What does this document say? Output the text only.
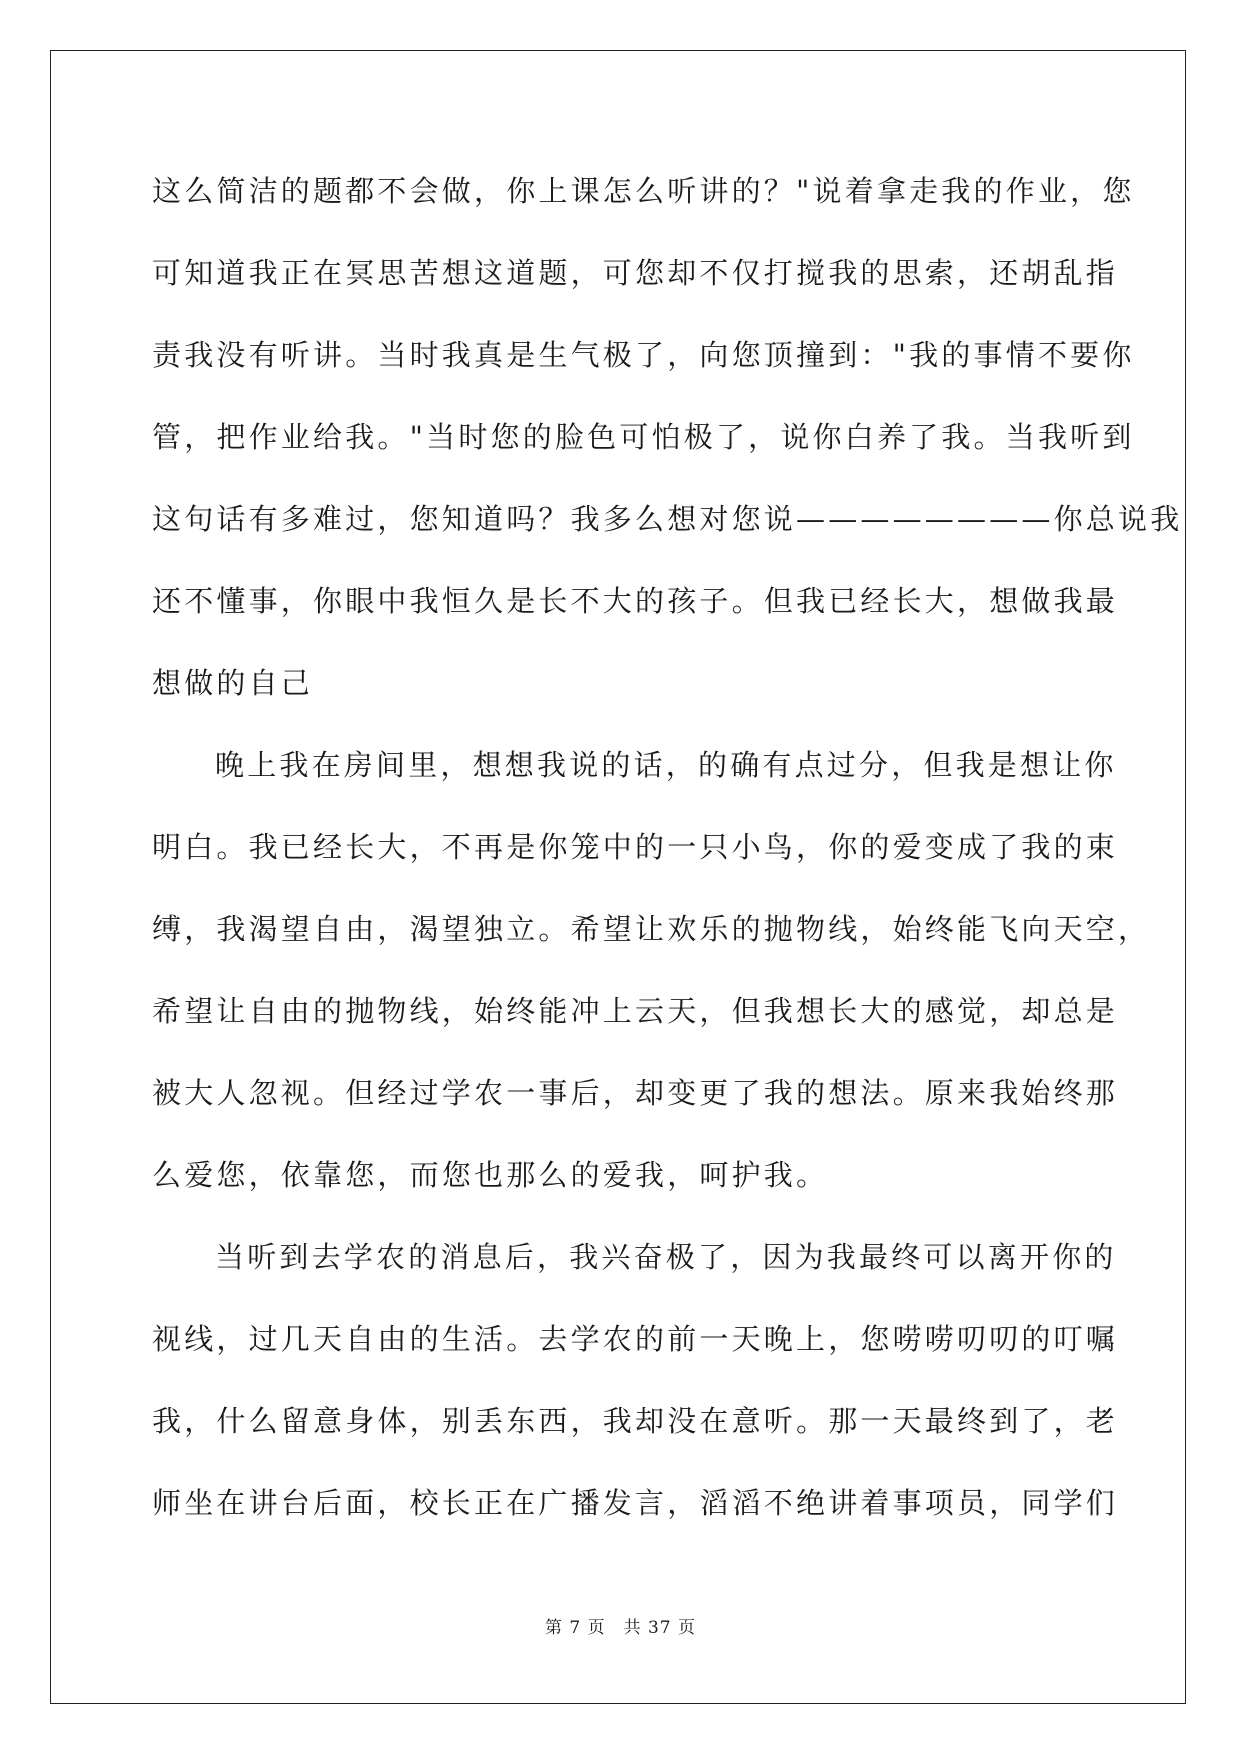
这么简洁的题都不会做，你上课怎么听讲的？"说着拿走我的作业，您
可知道我正在冥思苦想这道题，可您却不仅打搅我的思索，还胡乱指
责我没有听讲。当时我真是生气极了，向您顶撞到："我的事情不要你
管，把作业给我。"当时您的脸色可怕极了，说你白养了我。当我听到
这句话有多难过，您知道吗？我多么想对您说————————你总说我
还不懂事，你眼中我恒久是长不大的孩子。但我已经长大，想做我最
想做的自己
晚上我在房间里，想想我说的话，的确有点过分，但我是想让你
明白。我已经长大，不再是你笼中的一只小鸟，你的爱变成了我的束
缚，我渴望自由，渴望独立。希望让欢乐的抛物线，始终能飞向天空，
希望让自由的抛物线，始终能冲上云天，但我想长大的感觉，却总是
被大人忽视。但经过学农一事后，却变更了我的想法。原来我始终那
么爱您，依靠您，而您也那么的爱我，呵护我。
当听到去学农的消息后，我兴奋极了，因为我最终可以离开你的
视线，过几天自由的生活。去学农的前一天晚上，您唠唠叨叨的叮嘱
我，什么留意身体，别丢东西，我却没在意听。那一天最终到了，老
师坐在讲台后面，校长正在广播发言，滔滔不绝讲着事项员，同学们
第 7 页 共 37 页
